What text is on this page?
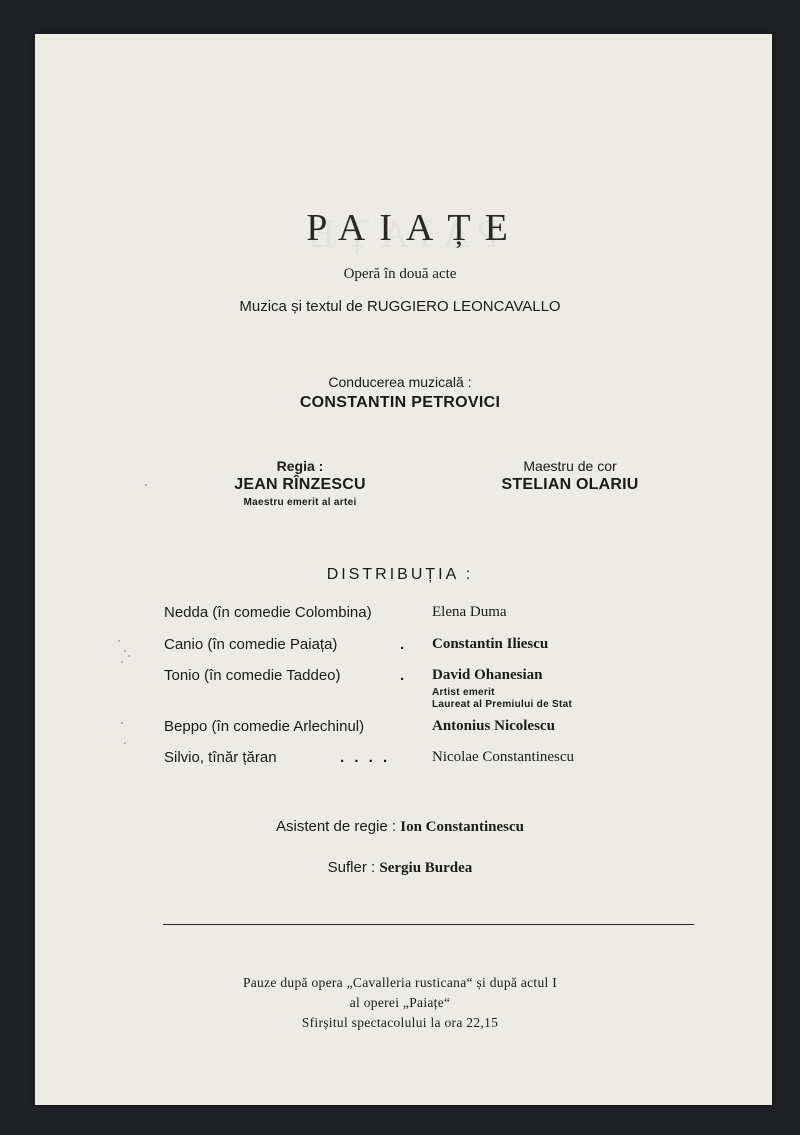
PAIAȚE
Operă în două acte
Muzica și textul de RUGGIERO LEONCAVALLO
Conducerea muzicală :
CONSTANTIN PETROVICI
Regia :
JEAN RÎNZESCU
Maestru emerit al artei
Maestru de cor
STELIAN OLARIU
DISTRIBUȚIA :
Nedda (în comedie Colombina)	Elena Duma
Canio (în comedie Paiața)	. Constantin Iliescu
Tonio (în comedie Taddeo)	. David Ohanesian
Artist emerit
Laureat al Premiului de Stat
Beppo (în comedie Arlechinul)	Antonius Nicolescu
Silvio, tînăr țăran	. . . .	Nicolae Constantinescu
Asistent de regie : Ion Constantinescu
Sufler : Sergiu Burdea
Pauze după opera „Cavalleria rusticana“ și după actul I
al operei „Paiațe“
Sfirșitul spectacolului la ora 22,15
